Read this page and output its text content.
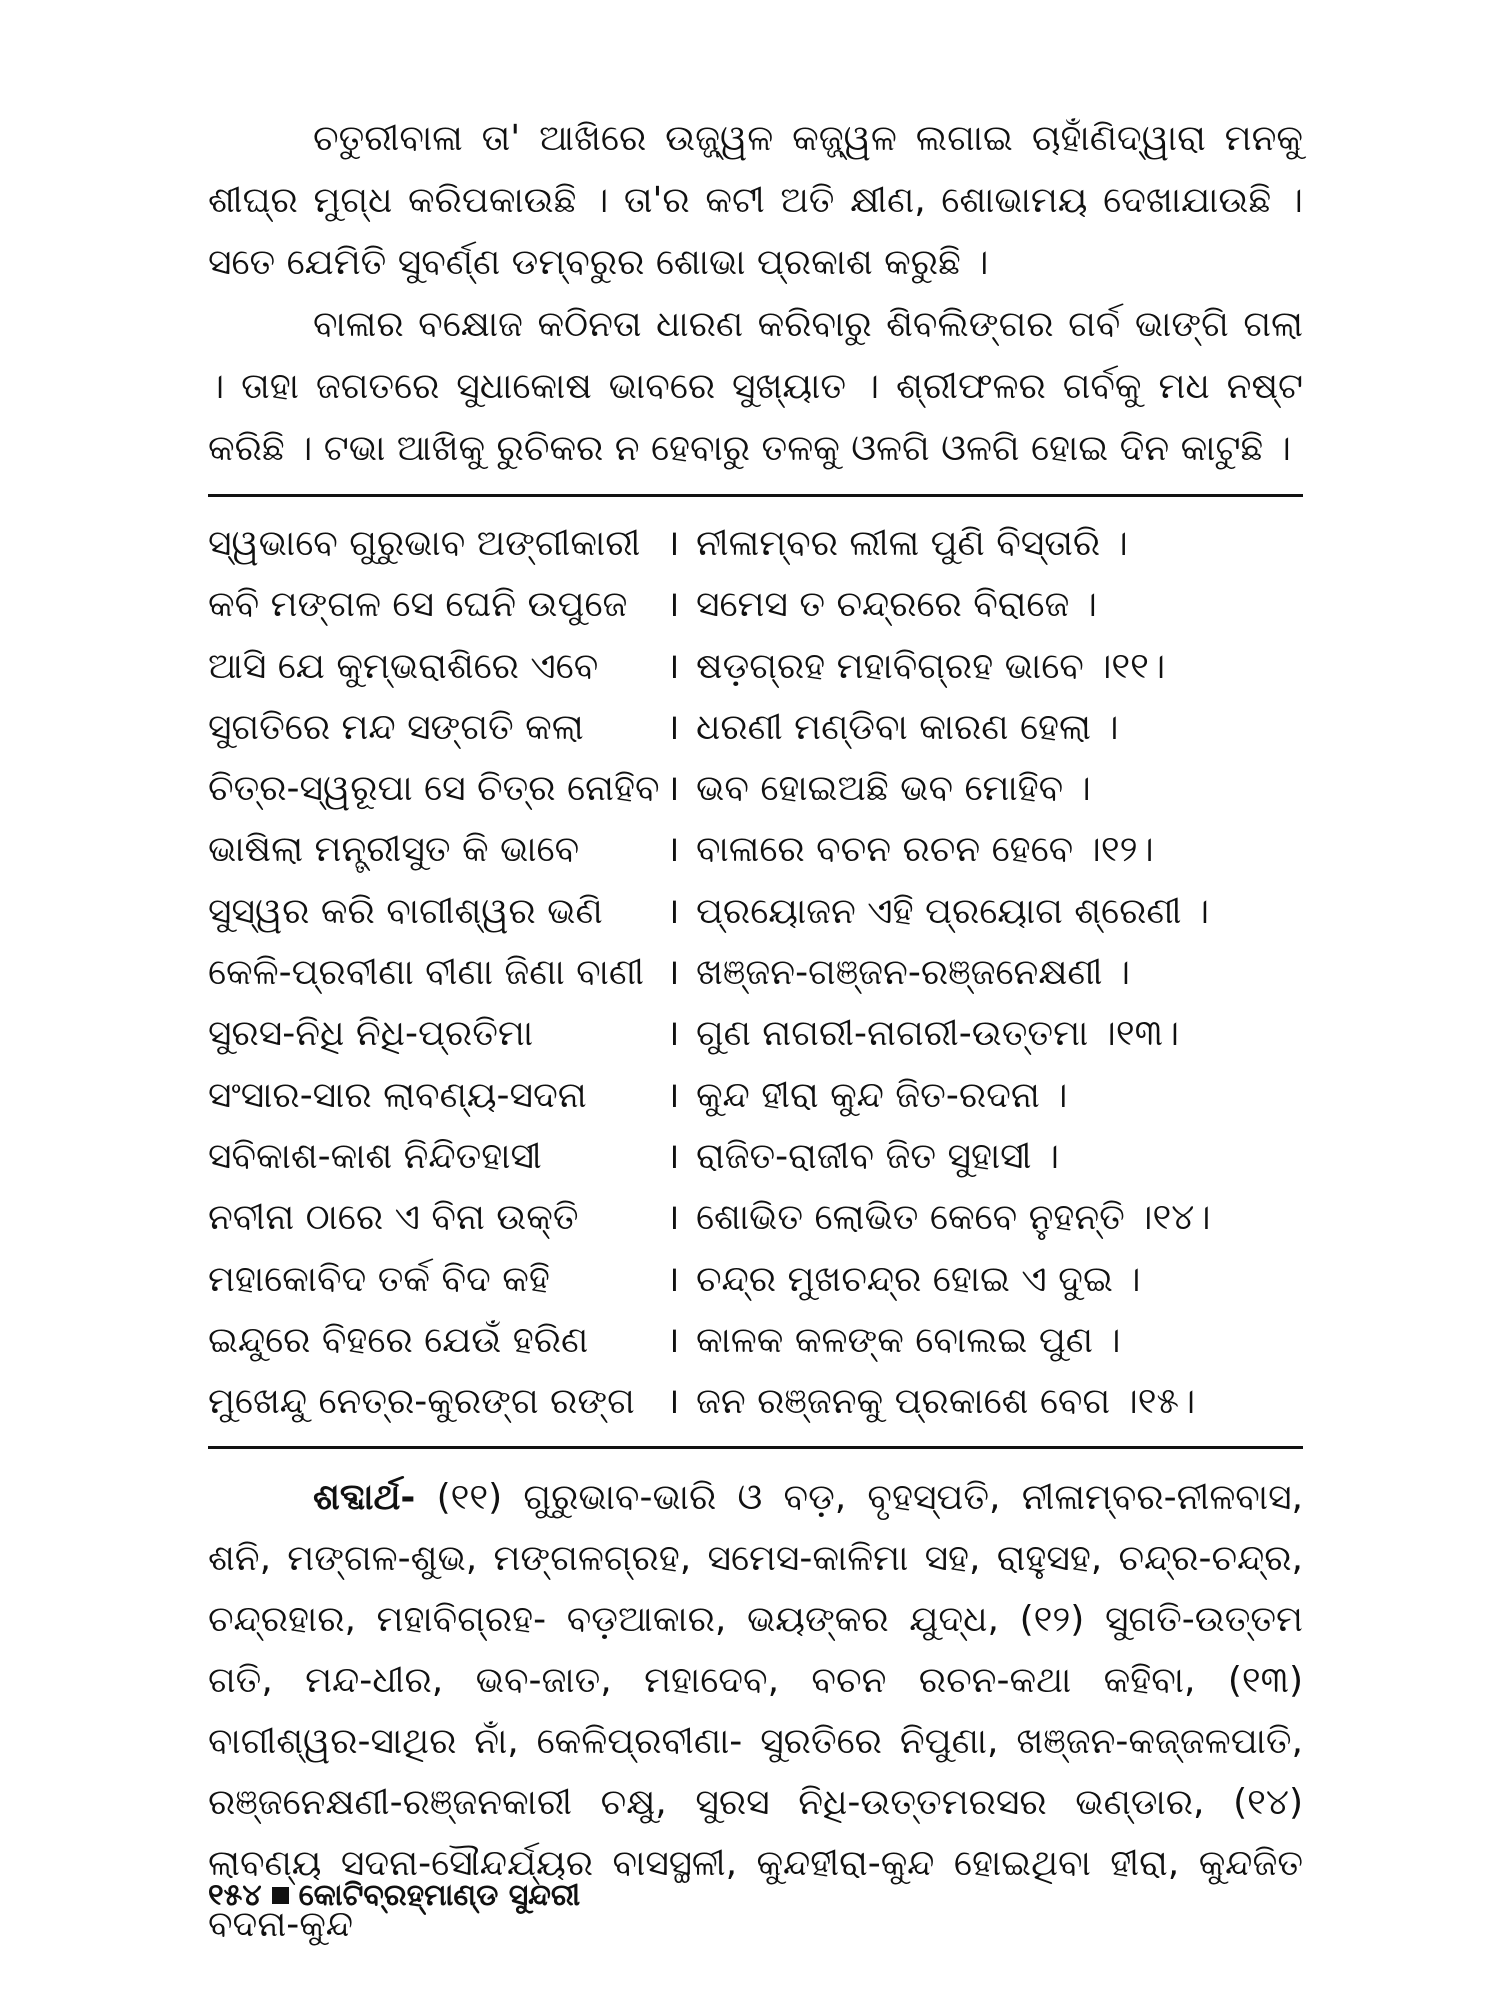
ଚତୁରୀବାଳା ତା' ଆଖିରେ ଉଜ୍ଜ୍ୱଳ କଜ୍ଜ୍ୱଳ ଲଗାଇ ଚାହାଁଣିଦ୍ୱାରା ମନକୁ ଶୀଘ୍ର ମୁଗ୍ଧ କରିପକାଉଛି । ତା'ର କଟୀ ଅତି କ୍ଷୀଣ, ଶୋଭାମୟ ଦେଖାଯାଉଛି । ସତେ ଯେମିତି ସୁବର୍ଣ୍ଣ ଡମ୍ବରୁର ଶୋଭା ପ୍ରକାଶ କରୁଛି ।

ବାଳାର ବକ୍ଷୋଜ କଠିନତା ଧାରଣ କରିବାରୁ ଶିବଲିଙ୍ଗର ଗର୍ବ ଭାଙ୍ଗି ଗଲା । ତାହା ଜଗତରେ ସୁଧାକୋଷ ଭାବରେ ସୁଖ୍ୟାତ । ଶ୍ରୀଫଳର ଗର୍ବକୁ ମଧ ନଷ୍ଟ କରିଛି । ଟଭା ଆଖିକୁ ରୁଚିକର ନ ହେବାରୁ ତଳକୁ ଓଳଗି ଓଳଗି ହୋଇ ଦିନ କାଟୁଛି ।

ସ୍ୱଭାବେ ଗୁରୁଭାବ ଅଙ୍ଗୀକାରୀ । ନୀଳାମ୍ବର ଲୀଳା ପୁଣି ବିସ୍ତାରି ।
କବି ମଙ୍ଗଳ ସେ ଘେନି ଉପୁଜେ	। ସମେସ ତ ଚନ୍ଦ୍ରରେ ବିରାଜେ ।
ଆସି ଯେ କୁମ୍ଭରାଶିରେ ଏବେ	। ଷଡ଼ଗ୍ରହ ମହାବିଗ୍ରହ ଭାବେ ।୧୧।
ସୁଗତିରେ ମନ୍ଦ ସଙ୍ଗତି କଲା	। ଧରଣୀ ମଣ୍ଡିବା କାରଣ ହେଲା ।
ଚିତ୍ର-ସ୍ୱରୂପା ସେ ଚିତ୍ର ନୋହିବ । ଭବ ହୋଇଅଛି ଭବ ମୋହିବ ।
ଭାଷିଲା ମନ୍ତ୍ରୀସୁତ କି ଭାବେ	। ବାଳାରେ ବଚନ ରଚନ ହେବେ ।୧୨।
ସୁସ୍ୱର କରି ବାଗୀଶ୍ୱର ଭଣି	। ପ୍ରୟୋଜନ ଏହି ପ୍ରୟୋଗ ଶ୍ରେଣୀ ।
କେଳି-ପ୍ରବୀଣା ବୀଣା ଜିଣା ବାଣୀ । ଖଞ୍ଜନ-ଗଞ୍ଜନ-ରଞ୍ଜନେକ୍ଷଣୀ ।
ସୁରସ-ନିଧି ନିଧି-ପ୍ରତିମା	। ଗୁଣ ନାଗରୀ-ନାଗରୀ-ଉତ୍ତମା ।୧୩।
ସଂସାର-ସାର ଲାବଣ୍ୟ-ସଦନା	। କୁନ୍ଦ ହୀରା କୁନ୍ଦ ଜିତ-ରଦନା ।
ସବିକାଶ-କାଶ ନିନ୍ଦିତହାସୀ	। ରାଜିତ-ରାଜୀବ ଜିତ ସୁହାସୀ ।
ନବୀନା ଠାରେ ଏ ବିନା ଉକ୍ତି	। ଶୋଭିତ ଲୋଭିତ କେବେ ନୁହନ୍ତି ।୧୪।
ମହାକୋବିଦ ତର୍କ ବିଦ କହି	। ଚନ୍ଦ୍ର ମୁଖଚନ୍ଦ୍ର ହୋଇ ଏ ଦୁଇ ।
ଇନ୍ଦୁରେ ବିହରେ ଯେଉଁ ହରିଣ	। କାଳକ କଳଙ୍କ ବୋଲଇ ପୁଣ ।
ମୁଖେନ୍ଦୁ ନେତ୍ର-କୁରଙ୍ଗ ରଙ୍ଗ । ଜନ ରଞ୍ଜନକୁ ପ୍ରକାଶେ ବେଗ ।୧୫।

ଶବ୍ଦାର୍ଥ- (୧୧) ଗୁରୁଭାବ-ଭାରି ଓ ବଡ଼, ବୃହସ୍ପତି, ନୀଳାମ୍ବର-ନୀଳବାସ, ଶନି, ମଙ୍ଗଳ-ଶୁଭ, ମଙ୍ଗଳଗ୍ରହ, ସମେସ-କାଳିମା ସହ, ରାହୁସହ, ଚନ୍ଦ୍ର-ଚନ୍ଦ୍ର, ଚନ୍ଦ୍ରହାର, ମହାବିଗ୍ରହ- ବଡ଼ଆକାର, ଭୟଙ୍କର ଯୁଦ୍ଧ, (୧୨) ସୁଗତି-ଉତ୍ତମ ଗତି, ମନ୍ଦ-ଧୀର, ଭବ-ଜାତ, ମହାଦେବ, ବଚନ ରଚନ-କଥା କହିବା, (୧୩) ବାଗୀଶ୍ୱର-ସାଥିର ନାଁ, କେଳିପ୍ରବୀଣା- ସୁରତିରେ ନିପୁଣା, ଖଞ୍ଜନ-କଜ୍ଜଳପାତି, ରଞ୍ଜନେକ୍ଷଣୀ-ରଞ୍ଜନକାରୀ ଚକ୍ଷୁ, ସୁରସ ନିଧି-ଉତ୍ତମରସର ଭଣ୍ଡାର, (୧୪) ଲାବଣ୍ୟ ସଦନା-ସୌନ୍ଦର୍ଯ୍ୟର ବାସସ୍ଥଳୀ, କୁନ୍ଦହୀରା-କୁନ୍ଦ ହୋଇଥିବା ହୀରା, କୁନ୍ଦଜିତ ବଦନା-କୁନ୍ଦ

୧୫୪ କୋଟିବ୍ରହ୍ମାଣ୍ଡ ସୁନ୍ଦରୀ
